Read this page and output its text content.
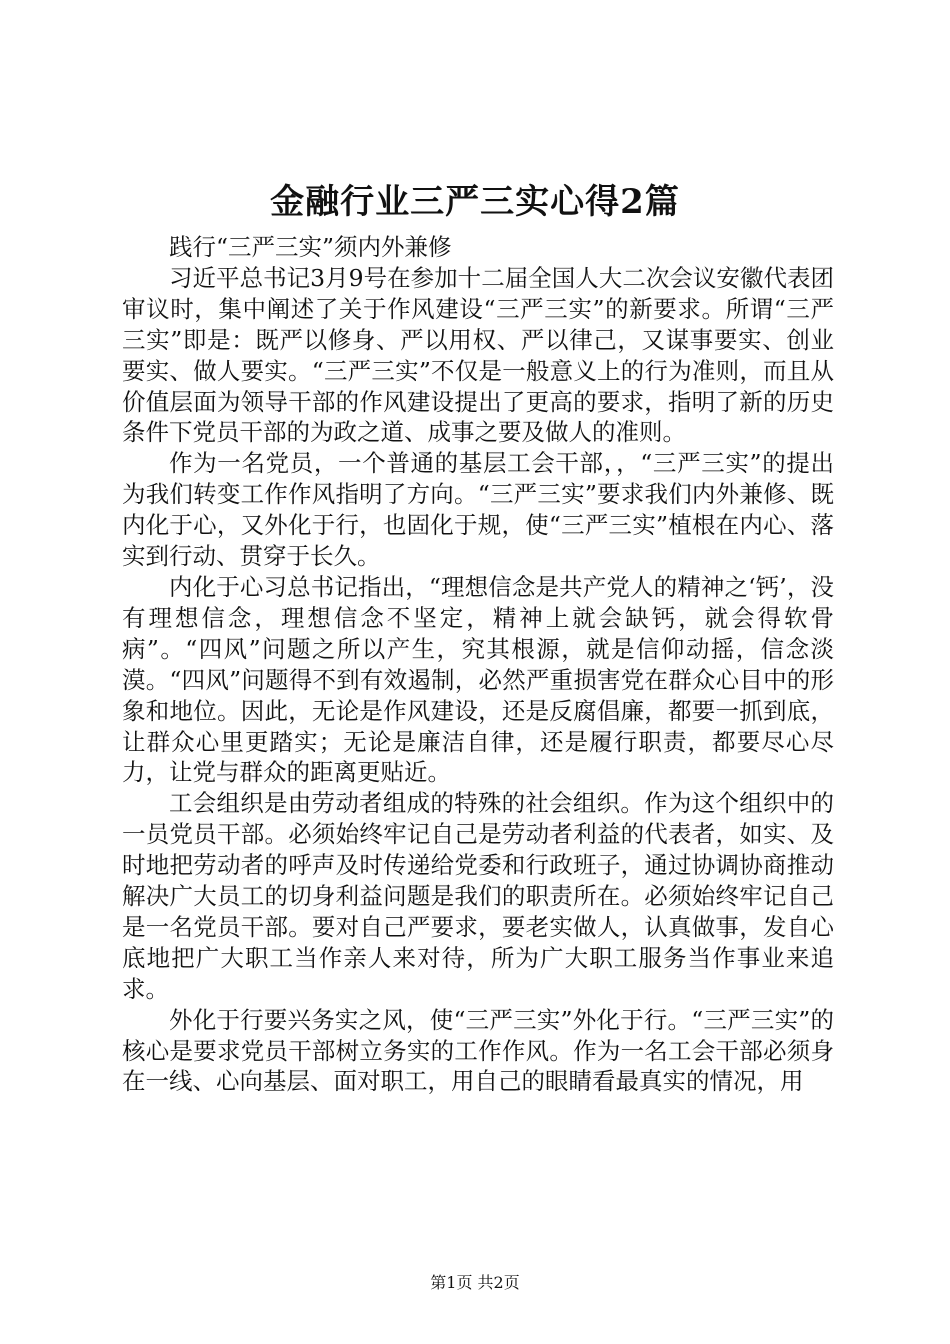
金融行业三严三实心得2篇
践行“三严三实”须内外兼修

习近平总书记3月9号在参加十二届全国人大二次会议安徽代表团审议时，集中阐述了关于作风建设“三严三实”的新要求。所谓“三严三实”即是：既严以修身、严以用权、严以律己，又谋事要实、创业要实、做人要实。“三严三实”不仅是一般意义上的行为准则，而且从价值层面为领导干部的作风建设提出了更高的要求，指明了新的历史条件下党员干部的为政之道、成事之要及做人的准则。

作为一名党员，一个普通的基层工会干部，，“三严三实”的提出为我们转变工作作风指明了方向。“三严三实”要求我们内外兼修、既内化于心，又外化于行，也固化于规，使“三严三实”植根在内心、落实到行动、贯穿于长久。

内化于心习总书记指出，“理想信念是共产党人的精神之‘钙’，没有理想信念，理想信念不坚定，精神上就会缺钙，就会得软骨病”。“四风”问题之所以产生，究其根源，就是信仰动摇，信念淡漠。“四风”问题得不到有效遏制，必然严重损害党在群众心目中的形象和地位。因此，无论是作风建设，还是反腐倡廉，都要一抓到底，让群众心里更踏实；无论是廉洁自律，还是履行职责，都要尽心尽力，让党与群众的距离更贴近。

工会组织是由劳动者组成的特殊的社会组织。作为这个组织中的一员党员干部。必须始终牢记自己是劳动者利益的代表者，如实、及时地把劳动者的呼声及时传递给党委和行政班子，通过协调协商推动解决广大员工的切身利益问题是我们的职责所在。必须始终牢记自己是一名党员干部。要对自己严要求，要老实做人，认真做事，发自心底地把广大职工当作亲人来对待，所为广大职工服务当作事业来追求。

外化于行要兴务实之风，使“三严三实”外化于行。“三严三实”的核心是要求党员干部树立务实的工作作风。作为一名工会干部必须身在一线、心向基层、面对职工，用自己的眼睛看最真实的情况，用

第1页 共2页
